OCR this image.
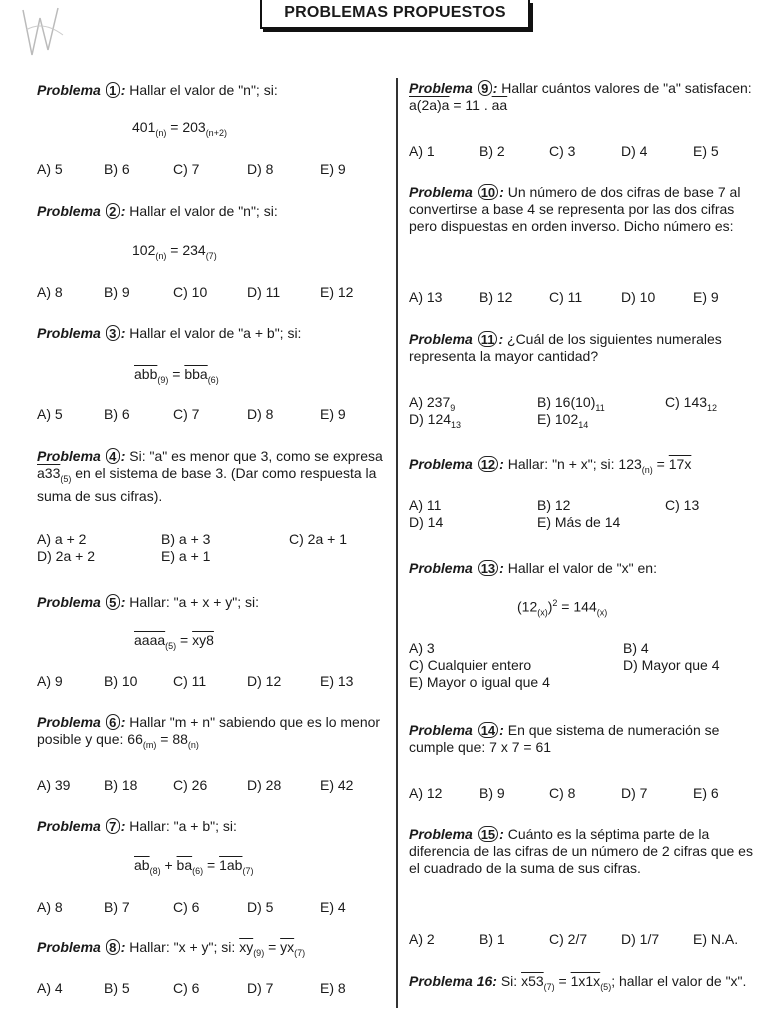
PROBLEMAS PROPUESTOS
Problema 1 : Hallar el valor de "n"; si:
$401_{(n)} = 203_{(n+2)}$
A) 5	B) 6	C) 7	D) 8	E) 9
Problema 2 : Hallar el valor de "n"; si:
$102_{(n)} = 234_{(7)}$
A) 8	B) 9	C) 10	D) 11	E) 12
Problema 3 : Hallar el valor de "a + b"; si:
$\overline{abb}_{(9)} = \overline{bba}_{(6)}$
A) 5	B) 6	C) 7	D) 8	E) 9
Problema 4 : Si: "a" es menor que 3, como se expresa $a33_{(5)}$ en el sistema de base 3. (Dar como respuesta la suma de sus cifras).
A) a + 2	B) a + 3	C) 2a + 1
D) 2a + 2	E) a + 1
Problema 5 : Hallar: "a + x + y"; si:
aaaa$_{(5)}$ = xy8
A) 9	B) 10	C) 11	D) 12	E) 13
Problema 6 : Hallar "m + n" sabiendo que es lo menor posible y que: $66_{(m)} = 88_{(n)}$
A) 39 B) 18	C) 26	D) 28	E) 42
Problema 7 : Hallar: "a + b"; si:
$\overline{ab}_{(8)} + \overline{ba}_{(6)} = 1ab_{(7)}$
A) 8	B) 7	C) 6	D) 5	E) 4
Problema 8 : Hallar: "x + y"; si: $\overline{xy}_{(9)} = \overline{yx}_{(7)}$
A) 4	B) 5	C) 6	D) 7	E) 8
Problema 9 : Hallar cuántos valores de "a" satisfacen: a(2a)a = 11 . $\overline{aa}$
A) 1	B) 2	C) 3	D) 4	E) 5
Problema 10 : Un número de dos cifras de base 7 al convertirse a base 4 se representa por las dos cifras pero dispuestas en orden inverso. Dicho número es:
A) 13	B) 12	C) 11	D) 10	E) 9
Problema 11 : ¿Cuál de los siguientes numerales representa la mayor cantidad?
A) $237_9$	B) $16(10)_{11}$	C) $143_{12}$
D) $124_{13}$	E) $102_{14}$
Problema 12 : Hallar: "n + x"; si: $123_{(n)} = 17x$
A) 11	B) 12	C) 13
D) 14	E) Más de 14
Problema 13 : Hallar el valor de "x" en:
$(12_{(x)})^2 = 144_{(x)}$
A) 3	B) 4
C) Cualquier entero	D) Mayor que 4
E) Mayor o igual que 4
Problema 14 : En que sistema de numeración se cumple que: 7 x 7 = 61
A) 12	B) 9	C) 8	D) 7	E) 6
Problema 15 : Cuánto es la séptima parte de la diferencia de las cifras de un número de 2 cifras que es el cuadrado de la suma de sus cifras.
A) 2	B) 1	C) 2/7 D) 1/7 E) N.A.
Problema 16: Si: $x53_{(7)} = 1x1x_{(5)}$; hallar el valor de "x".
